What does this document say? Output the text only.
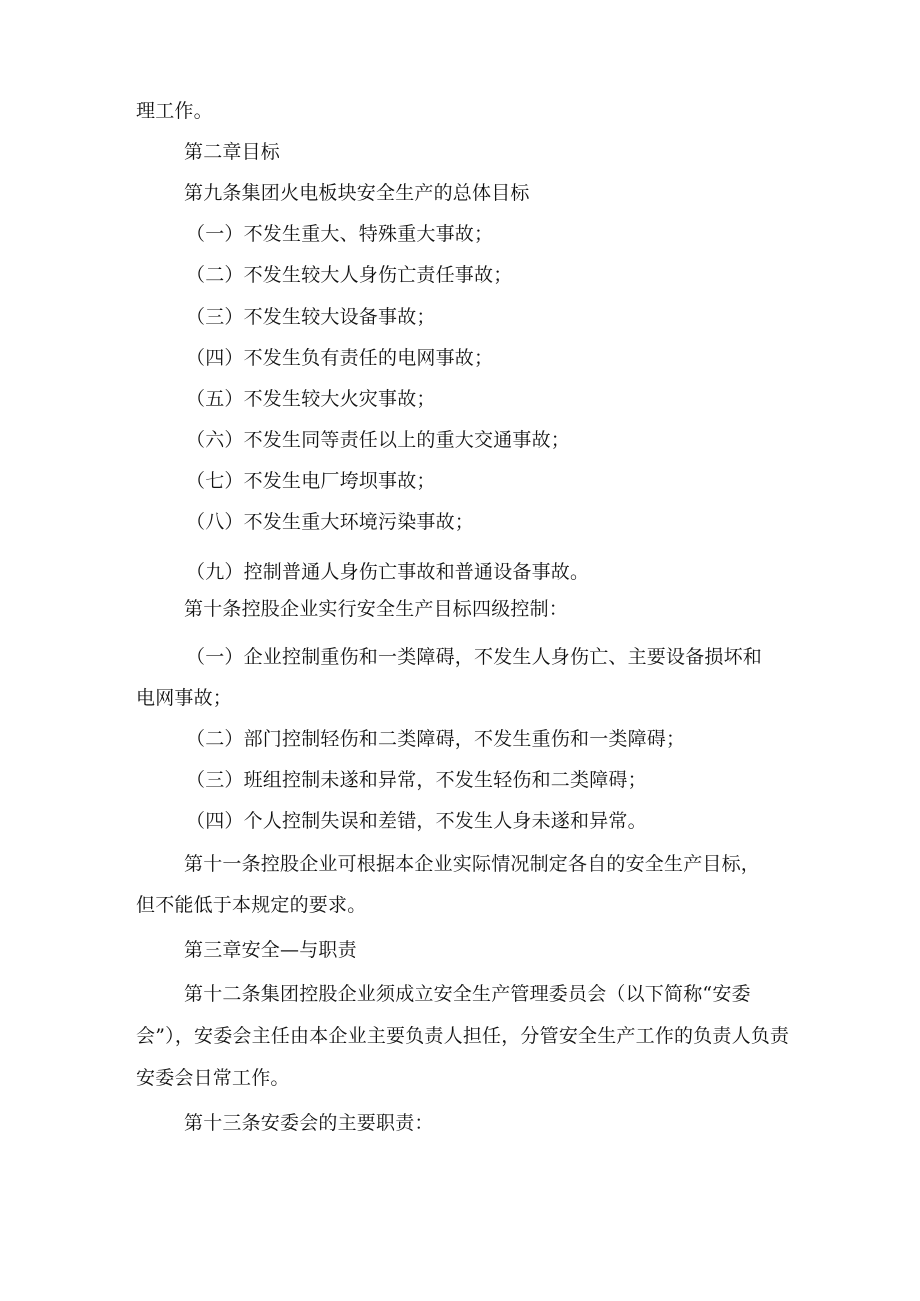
理工作。
第二章目标
第九条集团火电板块安全生产的总体目标
（一）不发生重大、特殊重大事故；
（二）不发生较大人身伤亡责任事故；
（三）不发生较大设备事故；
（四）不发生负有责任的电网事故；
（五）不发生较大火灾事故；
（六）不发生同等责任以上的重大交通事故；
（七）不发生电厂垮坝事故；
（八）不发生重大环境污染事故；
（九）控制普通人身伤亡事故和普通设备事故。
第十条控股企业实行安全生产目标四级控制：
（一）企业控制重伤和一类障碍，不发生人身伤亡、主要设备损坏和
电网事故；
（二）部门控制轻伤和二类障碍，不发生重伤和一类障碍；
（三）班组控制未遂和异常，不发生轻伤和二类障碍；
（四）个人控制失误和差错，不发生人身未遂和异常。
第十一条控股企业可根据本企业实际情况制定各自的安全生产目标，
但不能低于本规定的要求。
第三章安全—与职责
第十二条集团控股企业须成立安全生产管理委员会（以下简称“安委会”），安委会主任由本企业主要负责人担任，分管安全生产工作的负责人负责安委会日常工作。
第十三条安委会的主要职责：
